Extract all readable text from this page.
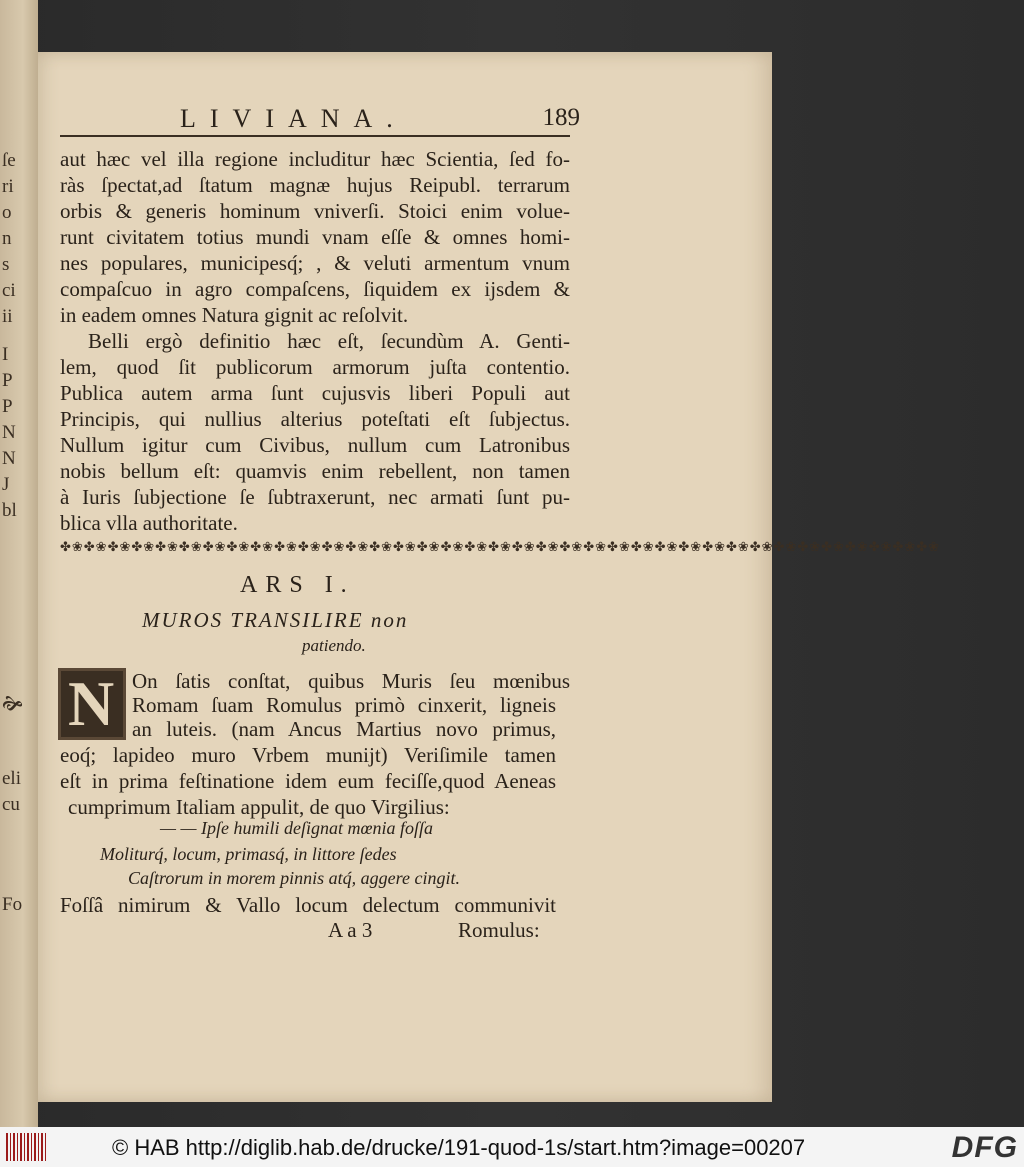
ſe
ri
o
n
s
ci
ii
I
P
P
N
N
J
bl
🙞
eli
cu
Fo
LIVIANA.	189
aut hæc vel illa regione includitur hæc Scientia, ſed fo-
ràs ſpectat,ad ſtatum magnæ hujus Reipubl. terrarum
orbis & generis hominum vniverſi. Stoici enim volue-
runt civitatem totius mundi vnam eſſe & omnes homi-
nes populares, municipesq́; , & veluti armentum vnum
compaſcuo in agro compaſcens, ſiquidem ex ijsdem &
in eadem omnes Natura gignit ac reſolvit.
Belli ergò definitio hæc eſt, ſecundùm A. Genti-
lem, quod ſit publicorum armorum juſta contentio.
Publica autem arma ſunt cujusvis liberi Populi aut
Principis, qui nullius alterius poteſtati eſt ſubjectus.
Nullum igitur cum Civibus, nullum cum Latronibus
nobis bellum eſt: quamvis enim rebellent, non tamen
à Iuris ſubjectione ſe ſubtraxerunt, nec armati ſunt pu-
blica vlla authoritate.
✤❀✤❀✤❀✤❀✤❀✤❀✤❀✤❀✤❀✤❀✤❀✤❀✤❀✤❀✤❀✤❀✤❀✤❀✤❀✤❀✤❀✤❀✤❀✤❀✤❀✤❀✤❀✤❀✤❀✤❀✤❀✤❀✤❀✤❀✤❀✤❀✤❀
ARS I.
MUROS TRANSILIRE non
patiendo.
N On ſatis conſtat, quibus Muris ſeu mœnibus
Romam ſuam Romulus primò cinxerit, ligneis
an luteis. (nam Ancus Martius novo primus,
eoq́; lapideo muro Vrbem munijt) Veriſimile tamen
eſt in prima feſtinatione idem eum feciſſe,quod Aeneas
cumprimum Italiam appulit, de quo Virgilius:
— — Ipſe humili deſignat mœnia foſſa
Moliturq́, locum, primasq́, in littore ſedes
Caſtrorum in morem pinnis atq́, aggere cingit.
Foſſâ nimirum & Vallo locum delectum communivit
A a 3	Romulus:
© HAB http://diglib.hab.de/drucke/191-quod-1s/start.htm?image=00207	DFG
